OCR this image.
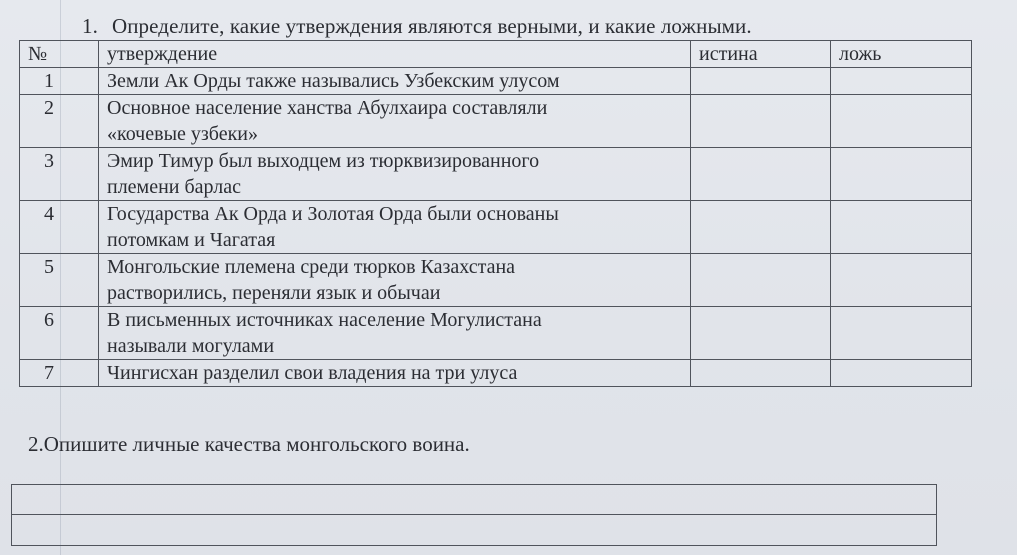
1. Определите, какие утверждения являются верными, и какие ложными.
№	утверждение	истина	ложь
1	Земли Ак Орды также назывались Узбекским улусом		

2	Основное население ханства Абулхаира составляли
«кочевые узбеки»		

3	Эмир Тимур был выходцем из тюрквизированного
племени барлас		

4	Государства Ак Орда и Золотая Орда были основаны
потомкам и Чагатая		

5	Монгольские племена среди тюрков Казахстана
растворились, переняли язык и обычаи		

6	В письменных источниках население Могулистана
называли могулами		

7	Чингисхан разделил свои владения на три улуса		

2.Опишите личные качества монгольского воина.
